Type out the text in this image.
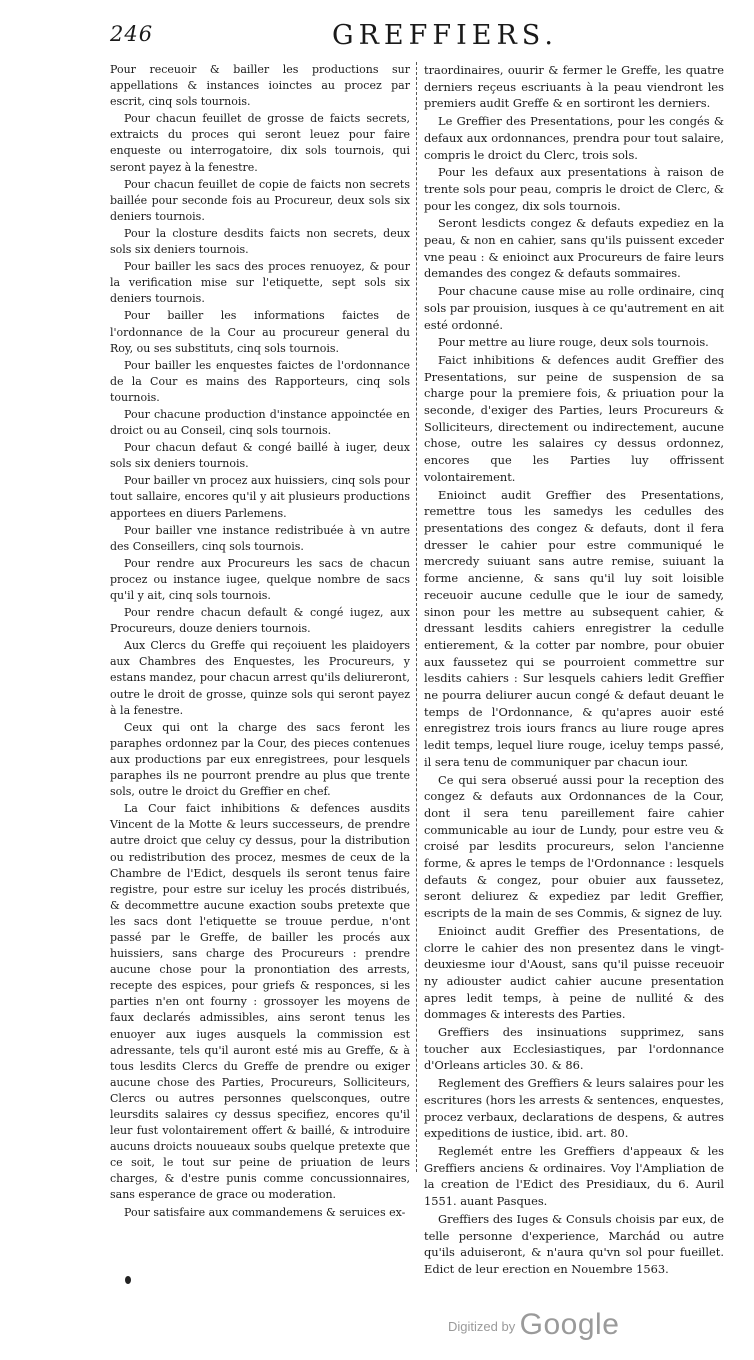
246	GREFFIERS.

Pour receuoir & bailler les productions sur appellations & instances ioinctes au procez par escrit, cinq sols tournois.

Pour chacun feuillet de grosse de faicts secrets, extraicts du proces qui seront leuez pour faire enqueste ou interrogatoire, dix sols tournois, qui seront payez à la fenestre.

Pour chacun feuillet de copie de faicts non secrets baillée pour seconde fois au Procureur, deux sols six deniers tournois.

Pour la closture desdits faicts non secrets, deux sols six deniers tournois.

Pour bailler les sacs des proces renuoyez, & pour la verification mise sur l'etiquette, sept sols six deniers tournois.

Pour bailler les informations faictes de l'ordonnance de la Cour au procureur general du Roy, ou ses substituts, cinq sols tournois.

Pour bailler les enquestes faictes de l'ordonnance de la Cour es mains des Rapporteurs, cinq sols tournois.

Pour chacune production d'instance appoinctée en droict ou au Conseil, cinq sols tournois.

Pour chacun defaut & congé baillé à iuger, deux sols six deniers tournois.

Pour bailler vn procez aux huissiers, cinq sols pour tout sallaire, encores qu'il y ait plusieurs productions apportees en diuers Parlemens.

Pour bailler vne instance redistribuée à vn autre des Conseillers, cinq sols tournois.

Pour rendre aux Procureurs les sacs de chacun procez ou instance iugee, quelque nombre de sacs qu'il y ait, cinq sols tournois.

Pour rendre chacun default & congé iugez, aux Procureurs, douze deniers tournois.

Aux Clercs du Greffe qui reçoiuent les plaidoyers aux Chambres des Enquestes, les Procureurs, y estans mandez, pour chacun arrest qu'ils deliureront, outre le droit de grosse, quinze sols qui seront payez à la fenestre.

Ceux qui ont la charge des sacs feront les paraphes ordonnez par la Cour, des pieces contenues aux productions par eux enregistrees, pour lesquels paraphes ils ne pourront prendre au plus que trente sols, outre le droict du Greffier en chef.

La Cour faict inhibitions & defences ausdits Vincent de la Motte & leurs successeurs, de prendre autre droict que celuy cy dessus, pour la distribution ou redistribution des procez, mesmes de ceux de la Chambre de l'Edict, desquels ils seront tenus faire registre, pour estre sur iceluy les procés distribués, & decommettre aucune exaction soubs pretexte que les sacs dont l'etiquette se trouue perdue, n'ont passé par le Greffe, de bailler les procés aux huissiers, sans charge des Procureurs : prendre aucune chose pour la pronontiation des arrests, recepte des espices, pour griefs & responces, si les parties n'en ont fourny : grossoyer les moyens de faux declarés admissibles, ains seront tenus les enuoyer aux iuges ausquels la commission est adressante, tels qu'il auront esté mis au Greffe, & à tous lesdits Clercs du Greffe de prendre ou exiger aucune chose des Parties, Procureurs, Solliciteurs, Clercs ou autres personnes quelsconques, outre leursdits salaires cy dessus specifiez, encores qu'il leur fust volontairement offert & baillé, & introduire aucuns droicts nouueaux soubs quelque pretexte que ce soit, le tout sur peine de priuation de leurs charges, & d'estre punis comme concussionnaires, sans esperance de grace ou moderation.

Pour satisfaire aux commandemens & seruices ex-

traordinaires, ouurir & fermer le Greffe, les quatre derniers reçeus escriuants à la peau viendront les premiers audit Greffe & en sortiront les derniers.

Le Greffier des Presentations, pour les congés & defaux aux ordonnances, prendra pour tout salaire, compris le droict du Clerc, trois sols.

Pour les defaux aux presentations à raison de trente sols pour peau, compris le droict de Clerc, & pour les congez, dix sols tournois.

Seront lesdicts congez & defauts expediez en la peau, & non en cahier, sans qu'ils puissent exceder vne peau : & enioinct aux Procureurs de faire leurs demandes des congez & defauts sommaires.

Pour chacune cause mise au rolle ordinaire, cinq sols par prouision, iusques à ce qu'autrement en ait esté ordonné.

Pour mettre au liure rouge, deux sols tournois.

Faict inhibitions & defences audit Greffier des Presentations, sur peine de suspension de sa charge pour la premiere fois, & priuation pour la seconde, d'exiger des Parties, leurs Procureurs & Solliciteurs, directement ou indirectement, aucune chose, outre les salaires cy dessus ordonnez, encores que les Parties luy offrissent volontairement.

Enioinct audit Greffier des Presentations, remettre tous les samedys les cedulles des presentations des congez & defauts, dont il fera dresser le cahier pour estre communiqué le mercredy suiuant sans autre remise, suiuant la forme ancienne, & sans qu'il luy soit loisible receuoir aucune cedulle que le iour de samedy, sinon pour les mettre au subsequent cahier, & dressant lesdits cahiers enregistrer la cedulle entierement, & la cotter par nombre, pour obuier aux faussetez qui se pourroient commettre sur lesdits cahiers : Sur lesquels cahiers ledit Greffier ne pourra deliurer aucun congé & defaut deuant le temps de l'Ordonnance, & qu'apres auoir esté enregistrez trois iours francs au liure rouge apres ledit temps, lequel liure rouge, iceluy temps passé, il sera tenu de communiquer par chacun iour.

Ce qui sera obserué aussi pour la reception des congez & defauts aux Ordonnances de la Cour, dont il sera tenu pareillement faire cahier communicable au iour de Lundy, pour estre veu & croisé par lesdits procureurs, selon l'ancienne forme, & apres le temps de l'Ordonnance : lesquels defauts & congez, pour obuier aux faussetez, seront deliurez & expediez par ledit Greffier, escripts de la main de ses Commis, & signez de luy.

Enioinct audit Greffier des Presentations, de clorre le cahier des non presentez dans le vingt-deuxiesme iour d'Aoust, sans qu'il puisse receuoir ny adiouster audict cahier aucune presentation apres ledit temps, à peine de nullité & des dommages & interests des Parties.

Greffiers des insinuations supprimez, sans toucher aux Ecclesiastiques, par l'ordonnance d'Orleans articles 30. & 86.

Reglement des Greffiers & leurs salaires pour les escritures (hors les arrests & sentences, enquestes, procez verbaux, declarations de despens, & autres expeditions de iustice, ibid. art. 80.

Reglemét entre les Greffiers d'appeaux & les Greffiers anciens & ordinaires. Voy l'Ampliation de la creation de l'Edict des Presidiaux, du 6. Auril 1551. auant Pasques.

Greffiers des Iuges & Consuls choisis par eux, de telle personne d'experience, Marchád ou autre qu'ils aduiseront, & n'aura qu'vn sol pour fueillet. Edict de leur erection en Nouembre 1563.

Digitized by Google
